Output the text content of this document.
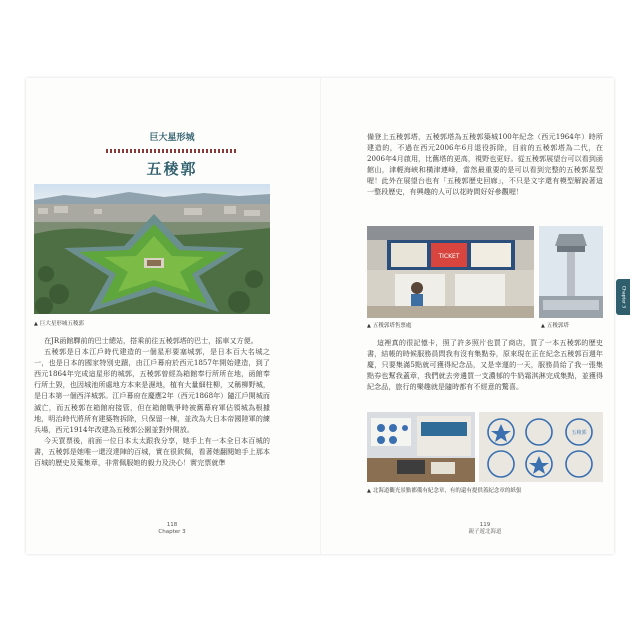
巨大星形城
五稜郭
▲ 巨大星形城五稜郭

在JR函館驛前的巴士總站，搭乘前往五稜郭塔的巴士，摇車又方便。

五稜郭是日本江戶時代建造的一個星形要塞城郭，是日本百大名城之一，也是日本的國家特別史蹟，由江戶幕府於西元1857年開始建造，到了西元1864年完成這星形的城郭，五稜郭曾經為箱館奉行所所在地，函館奉行所土毀，也因城池所處地方本來是濕地，植有大量細柱柳，又稱柳野城，是日本第一個西洋城郭。江戶幕府在慶應2年（西元1868年）隨江戶開城而滅亡，而五稜郭在箱館府接管，但在箱館戰爭時被舊幕府軍佔領城為根據地，明治時代將所有建築物拆除，只保留一棟，並改為大日本帝國陸軍的練兵場，西元1914年改建為五稜郭公園並對外開放。

今天買票後，前面一位日本太太跟我分享，她手上有一本全日本百城的書，五稜郭是她唯一還沒達陣的百城，實在很欽佩，看著她翻閱她手上那本百城的歷史及蒐集章，非常佩服她的毅力及決心！實完票就準

118
Chapter 3

備登上五稜郭塔，五稜郭塔為五稜郭築城100年紀念（西元1964年）時所建造的，不過在西元2006年6月退役拆除，目前的五稜郭塔為二代，在2006年4月啟用，比舊塔的更高，視野也更好。從五稜郭展望台可以看到函館山，津輕海峽和橫津連峰，當然最重要的是可以看到完整的五稜郭星型喔！此外在展望台也有「五稜郭歷史回廊」，不只是文字還有模型解說著這一整段歷史，有興趣的人可以花時間好好參觀喔！

TICKET
▲ 五稜郭塔售票處	▲ 五稜郭塔

這裡真的很記憶卡，照了許多照片也買了商店，買了一本五稜郭的歷史書，結帳的時候服務員問我有沒有集點券，原來現在正在紀念五稜郭百週年慶，只要集滿5點就可獲得紀念品，又是幸運的一天，服務員給了我一張集點券也幫我蓋章，我們就去旁邊買一支濃郁的牛奶霜淇淋完成集點，並獲得紀念品，旅行的樂趣就是隨時都有不經意的驚喜。

五稜郭
▲ 北海道觀光景點都備有紀念章，有的還有提供蓋紀念章的紙張
119
親子遊北海道
Chapter 3
